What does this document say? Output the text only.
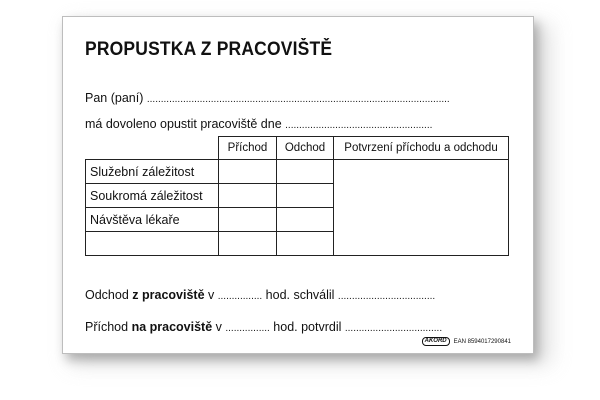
PROPUSTKA Z PRACOVIŠTĚ
Pan (paní) .............................................................................................................
má dovoleno opustit pracoviště dne .....................................................
	Příchod	Odchod	Potvrzení příchodu a odchodu
Služební záležitost			
Soukromá záležitost			
Návštěva lékaře			

Odchod z pracoviště v ................ hod. schválil ...................................
Příchod na pracoviště v ................ hod. potvrdil ...................................
AKORD	EAN 8594017290841
